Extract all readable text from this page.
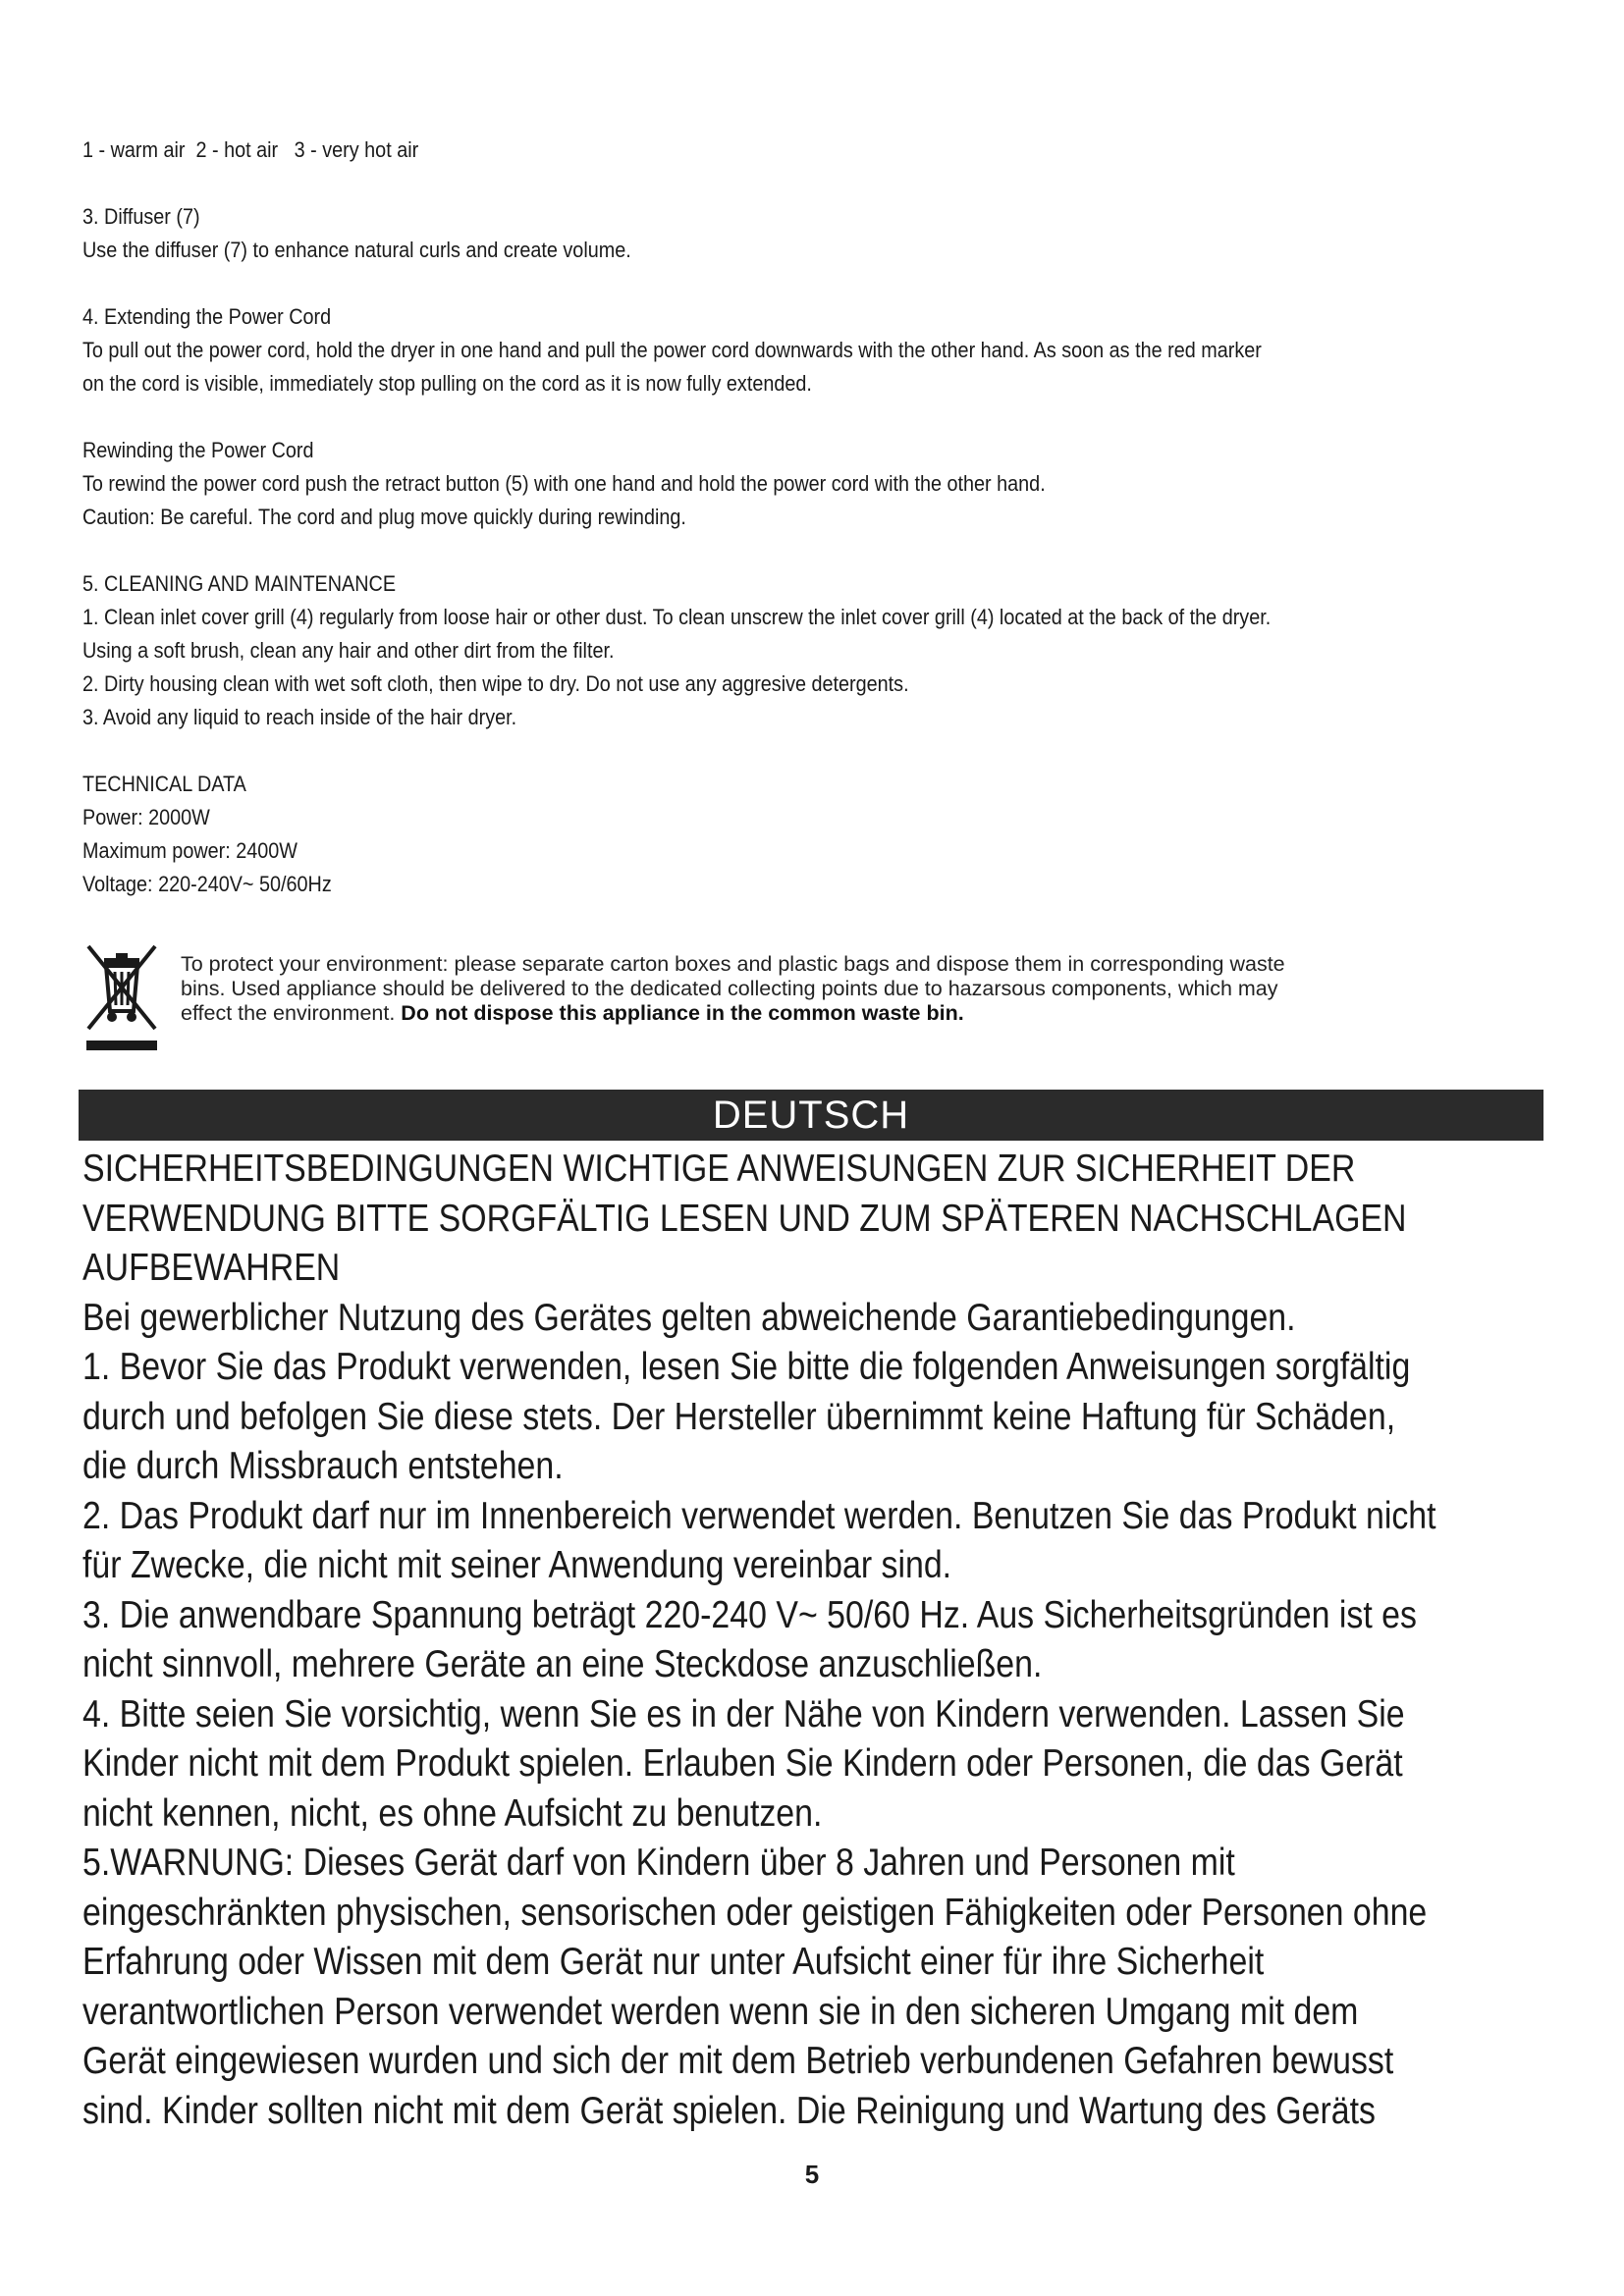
1 - warm air  2 - hot air   3 - very hot air

3. Diffuser (7)

Use the diffuser (7) to enhance natural curls and create volume.

4. Extending the Power Cord

To pull out the power cord, hold the dryer in one hand and pull the power cord downwards with the other hand. As soon as the red marker

on the cord is visible, immediately stop pulling on the cord as it is now fully extended.

Rewinding the Power Cord

To rewind the power cord push the retract button (5) with one hand and hold the power cord with the other hand.

Caution: Be careful. The cord and plug move quickly during rewinding.

5. CLEANING AND MAINTENANCE

1. Clean inlet cover grill (4) regularly from loose hair or other dust. To clean unscrew the inlet cover grill (4) located at the back of the dryer.

Using a soft brush, clean any hair and other dirt from the filter.

2. Dirty housing clean with wet soft cloth, then wipe to dry. Do not use any aggresive detergents.

3. Avoid any liquid to reach inside of the hair dryer.

TECHNICAL DATA

Power: 2000W

Maximum power: 2400W

Voltage: 220-240V~ 50/60Hz

To protect your environment: please separate carton boxes and plastic bags and dispose them in corresponding waste

bins. Used appliance should be delivered to the dedicated collecting points due to hazarsous components, which may

effect the environment. Do not dispose this appliance in the common waste bin.

DEUTSCH

SICHERHEITSBEDINGUNGEN WICHTIGE ANWEISUNGEN ZUR SICHERHEIT DER

VERWENDUNG BITTE SORGFÄLTIG LESEN UND ZUM SPÄTEREN NACHSCHLAGEN

AUFBEWAHREN

Bei gewerblicher Nutzung des Gerätes gelten abweichende Garantiebedingungen.

1. Bevor Sie das Produkt verwenden, lesen Sie bitte die folgenden Anweisungen sorgfältig

durch und befolgen Sie diese stets. Der Hersteller übernimmt keine Haftung für Schäden,

die durch Missbrauch entstehen.

2. Das Produkt darf nur im Innenbereich verwendet werden. Benutzen Sie das Produkt nicht

für Zwecke, die nicht mit seiner Anwendung vereinbar sind.

3. Die anwendbare Spannung beträgt 220-240 V~ 50/60 Hz. Aus Sicherheitsgründen ist es

nicht sinnvoll, mehrere Geräte an eine Steckdose anzuschließen.

4. Bitte seien Sie vorsichtig, wenn Sie es in der Nähe von Kindern verwenden. Lassen Sie

Kinder nicht mit dem Produkt spielen. Erlauben Sie Kindern oder Personen, die das Gerät

nicht kennen, nicht, es ohne Aufsicht zu benutzen.

5.WARNUNG: Dieses Gerät darf von Kindern über 8 Jahren und Personen mit

eingeschränkten physischen, sensorischen oder geistigen Fähigkeiten oder Personen ohne

Erfahrung oder Wissen mit dem Gerät nur unter Aufsicht einer für ihre Sicherheit

verantwortlichen Person verwendet werden wenn sie in den sicheren Umgang mit dem

Gerät eingewiesen wurden und sich der mit dem Betrieb verbundenen Gefahren bewusst

sind. Kinder sollten nicht mit dem Gerät spielen. Die Reinigung und Wartung des Geräts

5
